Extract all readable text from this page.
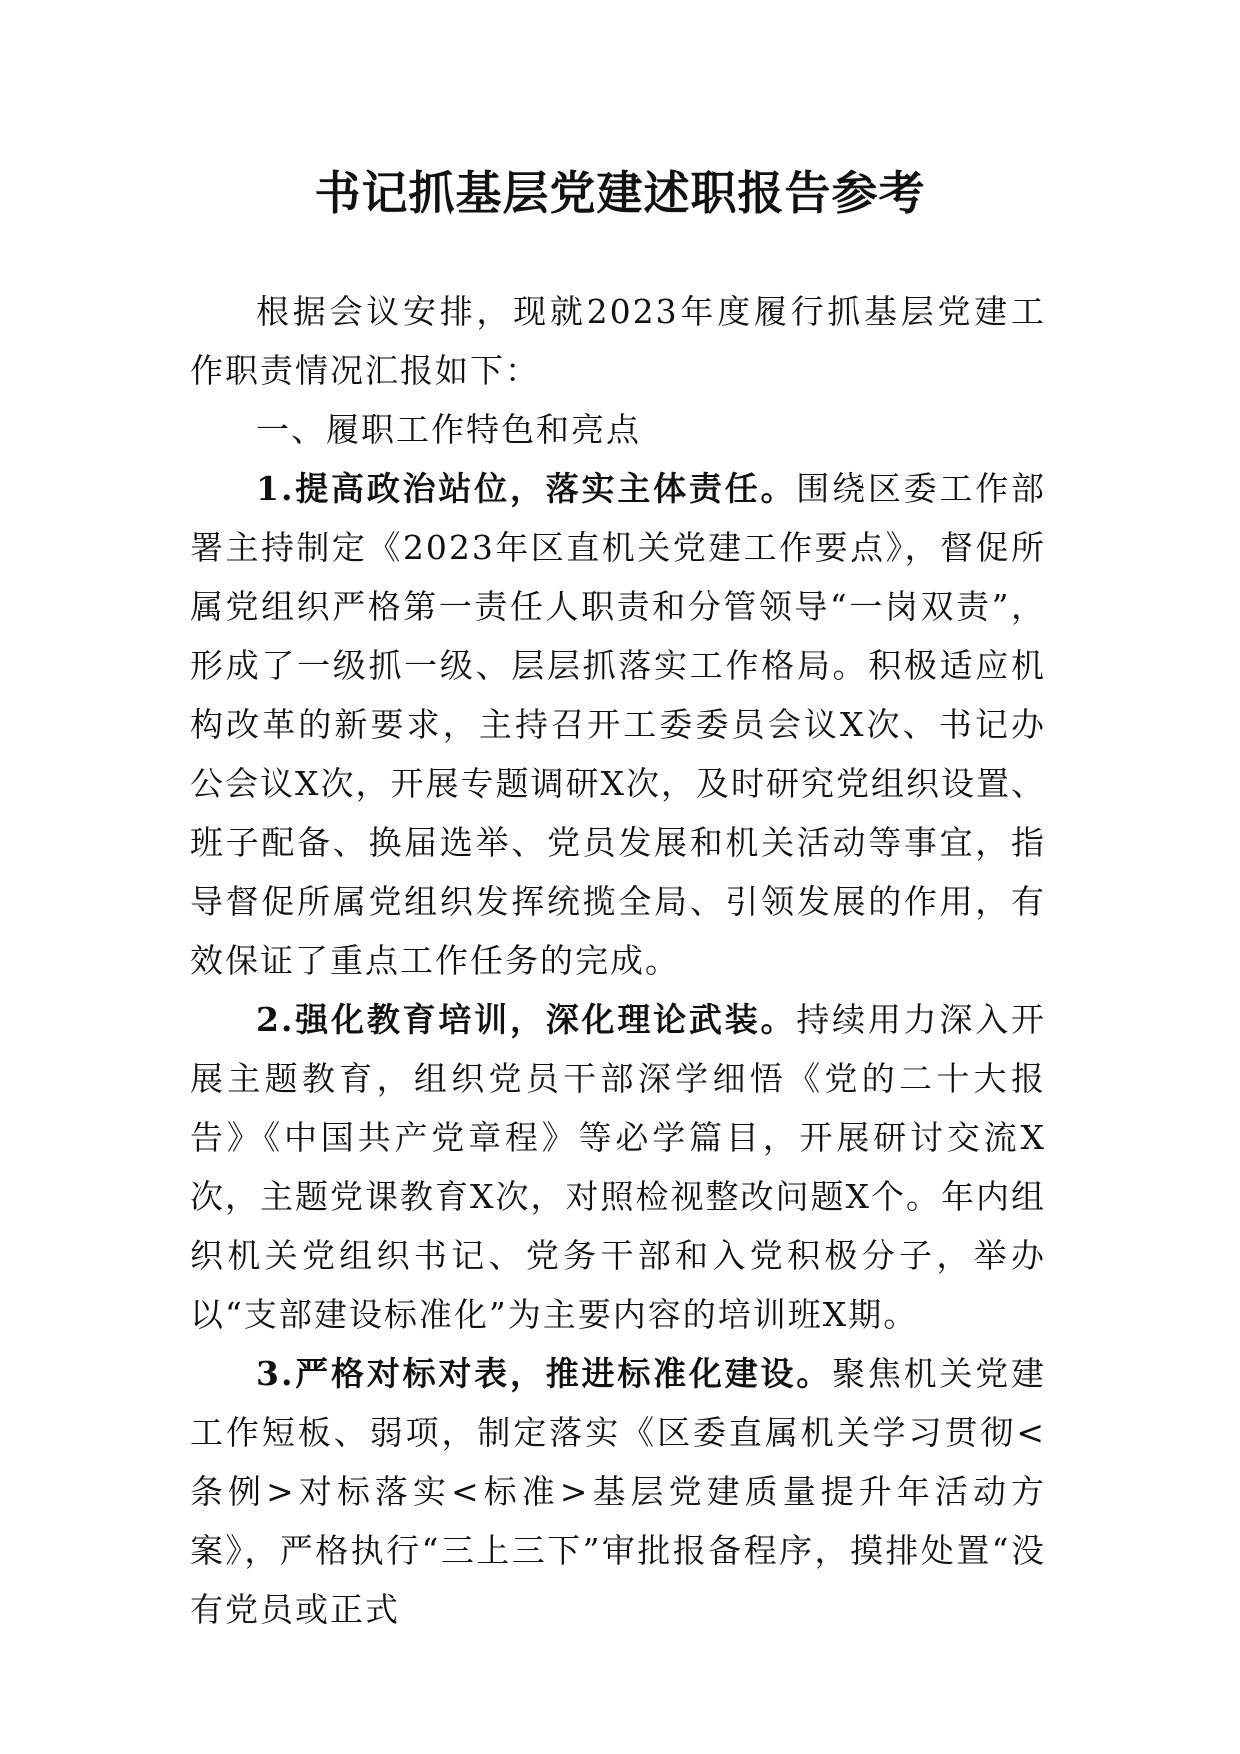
书记抓基层党建述职报告参考

根据会议安排，现就2023年度履行抓基层党建工作职责情况汇报如下：

一、履职工作特色和亮点

1.提高政治站位，落实主体责任。围绕区委工作部署主持制定《2023年区直机关党建工作要点》，督促所属党组织严格第一责任人职责和分管领导“一岗双责”，形成了一级抓一级、层层抓落实工作格局。积极适应机构改革的新要求，主持召开工委委员会议X次、书记办公会议X次，开展专题调研X次，及时研究党组织设置、班子配备、换届选举、党员发展和机关活动等事宜，指导督促所属党组织发挥统揽全局、引领发展的作用，有效保证了重点工作任务的完成。

2.强化教育培训，深化理论武装。持续用力深入开展主题教育，组织党员干部深学细悟《党的二十大报告》《中国共产党章程》等必学篇目，开展研讨交流X次，主题党课教育X次，对照检视整改问题X个。年内组织机关党组织书记、党务干部和入党积极分子，举办以“支部建设标准化”为主要内容的培训班X期。

3.严格对标对表，推进标准化建设。聚焦机关党建工作短板、弱项，制定落实《区委直属机关学习贯彻<条例>对标落实<标准>基层党建质量提升年活动方案》，严格执行“三上三下”审批报备程序，摸排处置“没有党员或正式
